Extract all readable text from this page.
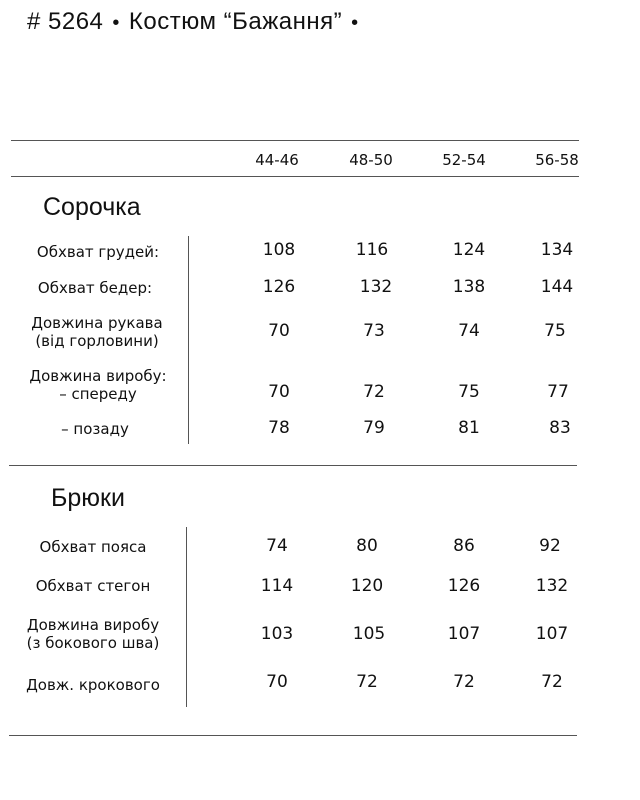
# 5264 • Костюм “Бажання” •
44-46	48-50	52-54	56-58
Сорочка
Обхват грудей:	108	116	124	134
Обхват бедер:	126	132	138	144
Довжина рукава
(від горловини)	70	73	74	75
Довжина виробу:
– спереду	70	72	75	77
– позаду	78	79	81	83
Брюки
Обхват пояса	74	80	86	92
Обхват стегон	114	120	126	132
Довжина виробу
(з бокового шва)	103	105	107	107
Довж. крокового	70	72	72	72
